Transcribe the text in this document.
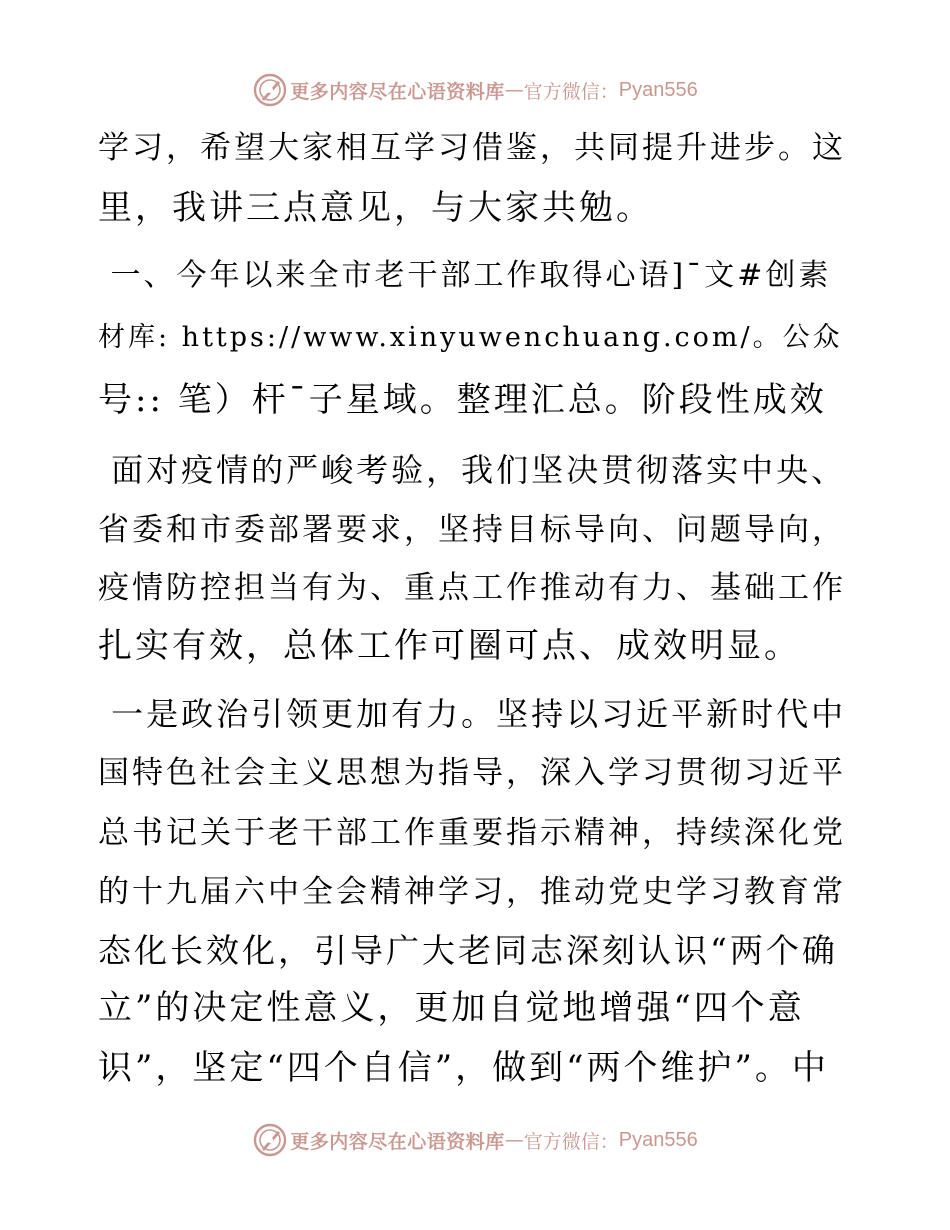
更多内容尽在心语资料库 — 官方微信： Pyan556
学习，希望大家相互学习借鉴，共同提升进步。这
里，我讲三点意见，与大家共勉。
一、今年以来全市老干部工作取得心语]¯文#创素
材库: https://www.xinyuwenchuang.com/。公众
号:: 笔）杆¯子星域。整理汇总。阶段性成效
面对疫情的严峻考验，我们坚决贯彻落实中央、
省委和市委部署要求，坚持目标导向、问题导向，
疫情防控担当有为、重点工作推动有力、基础工作
扎实有效，总体工作可圈可点、成效明显。
一是政治引领更加有力。坚持以习近平新时代中
国特色社会主义思想为指导，深入学习贯彻习近平
总书记关于老干部工作重要指示精神，持续深化党
的十九届六中全会精神学习，推动党史学习教育常
态化长效化，引导广大老同志深刻认识“两个确
立”的决定性意义，更加自觉地增强“四个意
识”，坚定“四个自信”，做到“两个维护”。中
更多内容尽在心语资料库 — 官方微信： Pyan556
